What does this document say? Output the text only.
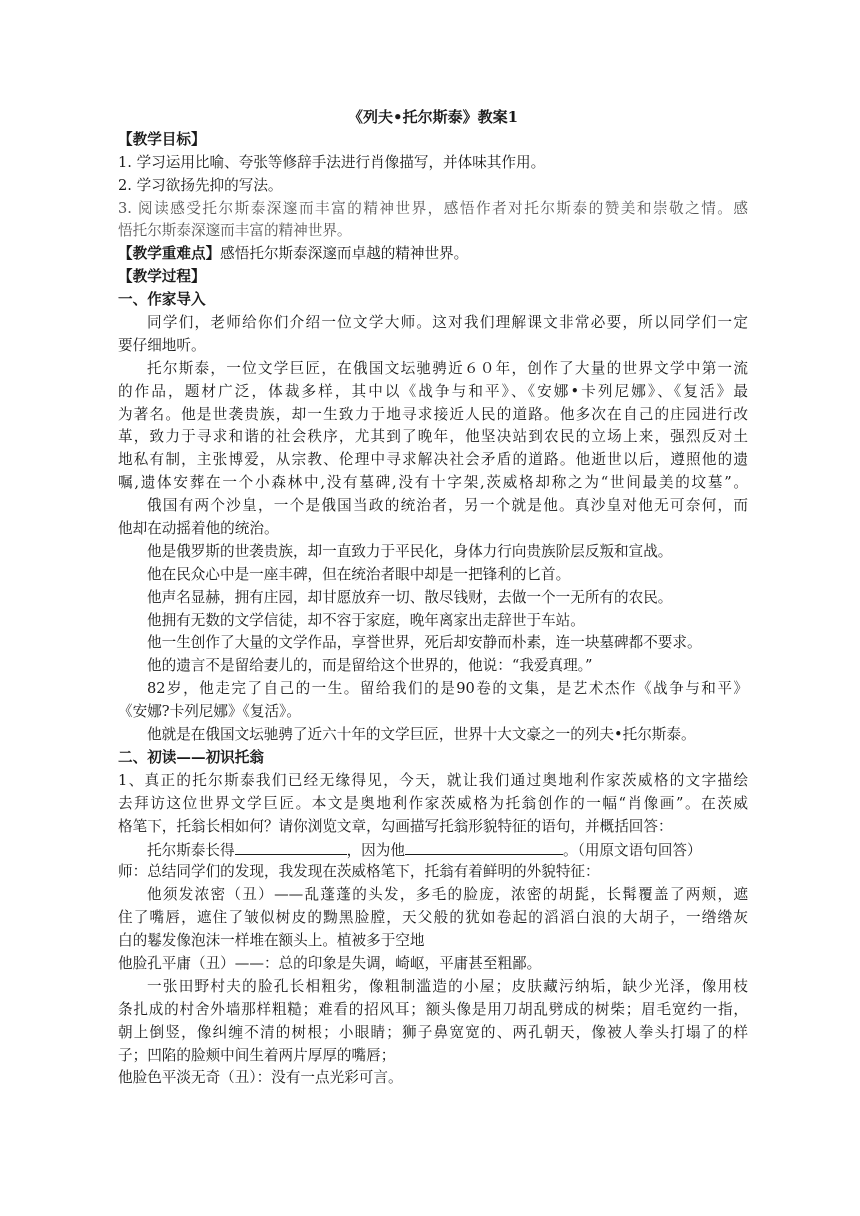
《列夫•托尔斯泰》教案1
【教学目标】
1. 学习运用比喻、夸张等修辞手法进行肖像描写，并体味其作用。
2. 学习欲扬先抑的写法。
3. 阅读感受托尔斯泰深邃而丰富的精神世界，感悟作者对托尔斯泰的赞美和崇敬之情。感
悟托尔斯泰深邃而丰富的精神世界。
【教学重难点】感悟托尔斯泰深邃而卓越的精神世界。
【教学过程】
一、作家导入
同学们，老师给你们介绍一位文学大师。这对我们理解课文非常必要，所以同学们一定
要仔细地听。
托尔斯泰，一位文学巨匠，在俄国文坛驰骋近６０年，创作了大量的世界文学中第一流
的作品，题材广泛，体裁多样，其中以《战争与和平》、《安娜•卡列尼娜》、《复活》最
为著名。他是世袭贵族，却一生致力于地寻求接近人民的道路。他多次在自己的庄园进行改
革，致力于寻求和谐的社会秩序，尤其到了晚年，他坚决站到农民的立场上来，强烈反对土
地私有制，主张博爱，从宗教、伦理中寻求解决社会矛盾的道路。他逝世以后，遵照他的遗
嘱,遗体安葬在一个小森林中,没有墓碑,没有十字架,茨威格却称之为“世间最美的坟墓”。
俄国有两个沙皇，一个是俄国当政的统治者，另一个就是他。真沙皇对他无可奈何，而
他却在动摇着他的统治。
他是俄罗斯的世袭贵族，却一直致力于平民化，身体力行向贵族阶层反叛和宣战。
他在民众心中是一座丰碑，但在统治者眼中却是一把锋利的匕首。
他声名显赫，拥有庄园，却甘愿放弃一切、散尽钱财，去做一个一无所有的农民。
他拥有无数的文学信徒，却不容于家庭，晚年离家出走辞世于车站。
他一生创作了大量的文学作品，享誉世界，死后却安静而朴素，连一块墓碑都不要求。
他的遗言不是留给妻儿的，而是留给这个世界的，他说：“我爱真理。”
82岁，他走完了自己的一生。留给我们的是90卷的文集，是艺术杰作《战争与和平》
《安娜?卡列尼娜》《复活》。
他就是在俄国文坛驰骋了近六十年的文学巨匠，世界十大文豪之一的列夫•托尔斯泰。
二、初读——初识托翁
1、真正的托尔斯泰我们已经无缘得见，今天，就让我们通过奥地利作家茨威格的文字描绘
去拜访这位世界文学巨匠。本文是奥地利作家茨威格为托翁创作的一幅“肖像画”。在茨威
格笔下，托翁长相如何？请你浏览文章，勾画描写托翁形貌特征的语句，并概括回答：
托尔斯泰长得	，因为他	。（用原文语句回答）
师：总结同学们的发现，我发现在茨威格笔下，托翁有着鲜明的外貌特征：
他须发浓密（丑）——乱蓬蓬的头发，多毛的脸庞，浓密的胡髭，长髯覆盖了两颊，遮
住了嘴唇，遮住了皱似树皮的黝黑脸膛，天父般的犹如卷起的滔滔白浪的大胡子，一绺绺灰
白的鬈发像泡沫一样堆在额头上。植被多于空地
他脸孔平庸（丑）——：总的印象是失调，崎岖，平庸甚至粗鄙。
一张田野村夫的脸孔长相粗劣，像粗制滥造的小屋；皮肤藏污纳垢，缺少光泽，像用枝
条扎成的村舍外墙那样粗糙；难看的招风耳；额头像是用刀胡乱劈成的树柴；眉毛宽约一指，
朝上倒竖，像纠缠不清的树根；小眼睛；狮子鼻宽宽的、两孔朝天，像被人拳头打塌了的样
子；凹陷的脸颊中间生着两片厚厚的嘴唇；
他脸色平淡无奇（丑）：没有一点光彩可言。
